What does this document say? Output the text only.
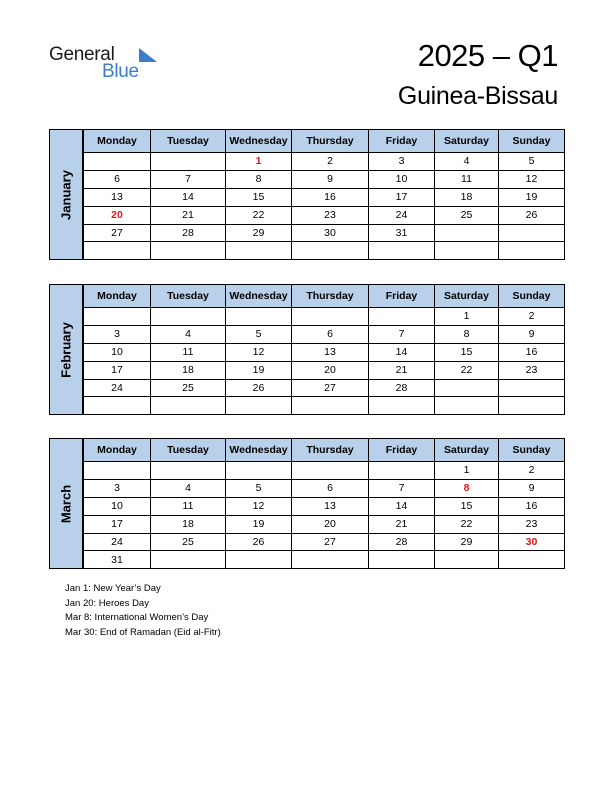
General
Blue	2025 – Q1
Guinea-Bissau
January
Monday	Tuesday	Wednesday	Thursday	Friday	Saturday	Sunday
		1	2	3	4	5
6	7	8	9	10	11	12
13	14	15	16	17	18	19
20	21	22	23	24	25	26
27	28	29	30	31		

February
Monday	Tuesday	Wednesday	Thursday	Friday	Saturday	Sunday
					1	2
3	4	5	6	7	8	9
10	11	12	13	14	15	16
17	18	19	20	21	22	23
24	25	26	27	28		

March
Monday	Tuesday	Wednesday	Thursday	Friday	Saturday	Sunday
					1	2
3	4	5	6	7	8	9
10	11	12	13	14	15	16
17	18	19	20	21	22	23
24	25	26	27	28	29	30
31						
Jan 1: New Year’s Day
Jan 20: Heroes Day
Mar 8: International Women’s Day
Mar 30: End of Ramadan (Eid al-Fitr)
